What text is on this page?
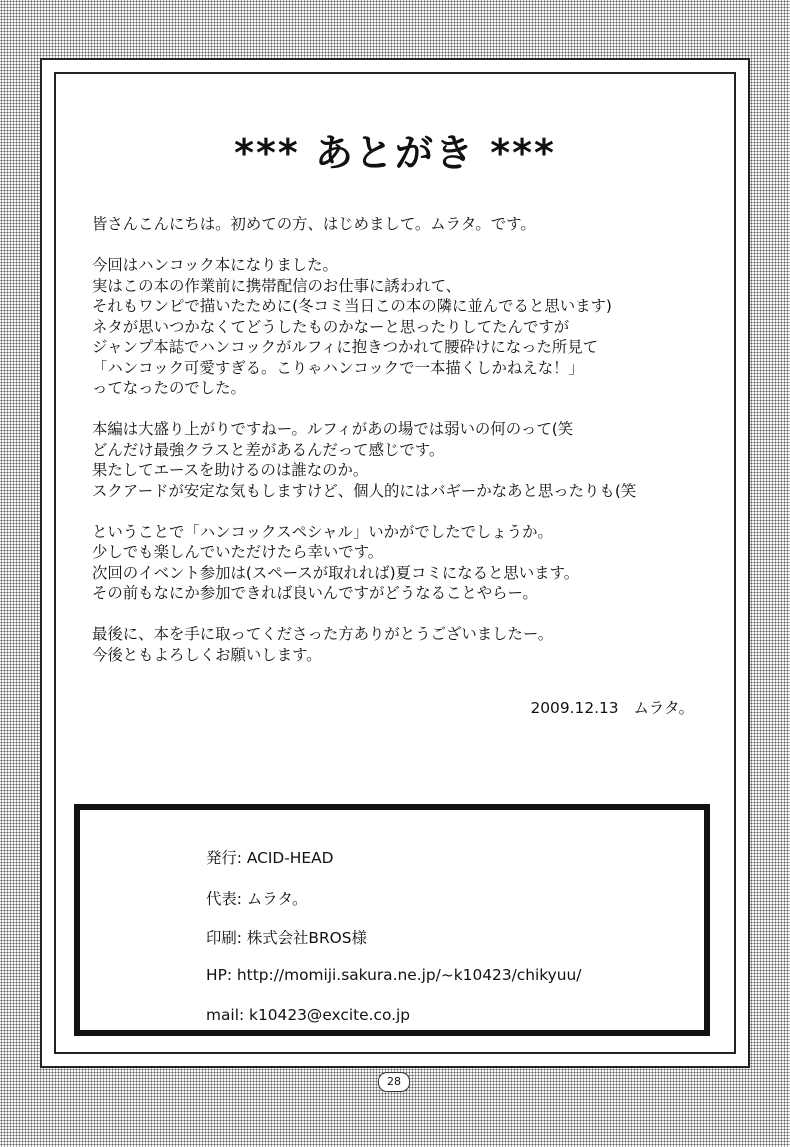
*** あとがき ***

皆さんこんにちは。初めての方、はじめまして。ムラタ。です。

今回はハンコック本になりました。
実はこの本の作業前に携帯配信のお仕事に誘われて、
それもワンピで描いたために(冬コミ当日この本の隣に並んでると思います)
ネタが思いつかなくてどうしたものかなーと思ったりしてたんですが
ジャンプ本誌でハンコックがルフィに抱きつかれて腰砕けになった所見て
「ハンコック可愛すぎる。こりゃハンコックで一本描くしかねえな！」
ってなったのでした。

本編は大盛り上がりですねー。ルフィがあの場では弱いの何のって(笑
どんだけ最強クラスと差があるんだって感じです。
果たしてエースを助けるのは誰なのか。
スクアードが安定な気もしますけど、個人的にはバギーかなあと思ったりも(笑

ということで「ハンコックスペシャル」いかがでしたでしょうか。
少しでも楽しんでいただけたら幸いです。
次回のイベント参加は(スペースが取れれば)夏コミになると思います。
その前もなにか参加できれば良いんですがどうなることやらー。

最後に、本を手に取ってくださった方ありがとうございましたー。
今後ともよろしくお願いします。

2009.12.13 ムラタ。
発行: ACID-HEAD
代表: ムラタ。
印刷: 株式会社BROS様
HP: http://momiji.sakura.ne.jp/~k10423/chikyuu/
mail: k10423@excite.co.jp
28
